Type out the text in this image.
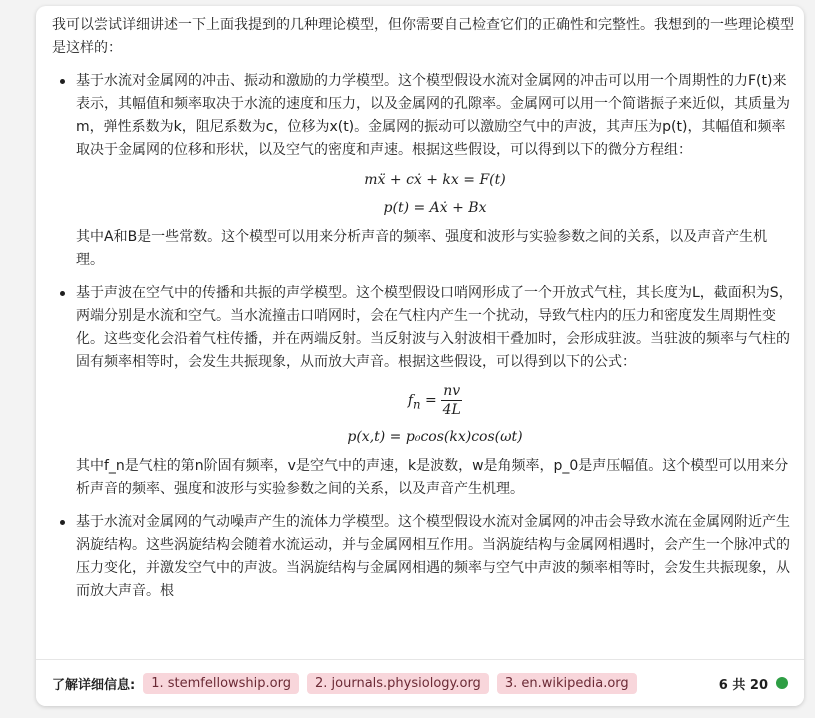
我可以尝试详细讲述一下上面我提到的几种理论模型，但你需要自己检查它们的正确性和完整性。我想到的一些理论模型是这样的：

基于水流对金属网的冲击、振动和激励的力学模型。这个模型假设水流对金属网的冲击可以用一个周期性的力F(t)来表示，其幅值和频率取决于水流的速度和压力，以及金属网的孔隙率。金属网可以用一个简谐振子来近似，其质量为m，弹性系数为k，阻尼系数为c，位移为x(t)。金属网的振动可以激励空气中的声波，其声压为p(t)，其幅值和频率取决于金属网的位移和形状，以及空气的密度和声速。根据这些假设，可以得到以下的微分方程组：

mẍ + cẋ + kx = F(t)
p(t) = Aẋ + Bx

其中A和B是一些常数。这个模型可以用来分析声音的频率、强度和波形与实验参数之间的关系，以及声音产生机理。

基于声波在空气中的传播和共振的声学模型。这个模型假设口哨网形成了一个开放式气柱，其长度为L，截面积为S，两端分别是水流和空气。当水流撞击口哨网时，会在气柱内产生一个扰动，导致气柱内的压力和密度发生周期性变化。这些变化会沿着气柱传播，并在两端反射。当反射波与入射波相干叠加时，会形成驻波。当驻波的频率与气柱的固有频率相等时，会发生共振现象，从而放大声音。根据这些假设，可以得到以下的公式：

$f_n = \frac{nv}{4L}$
p(x,t) = p₀cos(kx)cos(ωt)

其中f_n是气柱的第n阶固有频率，v是空气中的声速，k是波数，w是角频率，p_0是声压幅值。这个模型可以用来分析声音的频率、强度和波形与实验参数之间的关系，以及声音产生机理。

基于水流对金属网的气动噪声产生的流体力学模型。这个模型假设水流对金属网的冲击会导致水流在金属网附近产生涡旋结构。这些涡旋结构会随着水流运动，并与金属网相互作用。当涡旋结构与金属网相遇时，会产生一个脉冲式的压力变化，并激发空气中的声波。当涡旋结构与金属网相遇的频率与空气中声波的频率相等时，会发生共振现象，从而放大声音。根

了解详细信息:	1. stemfellowship.org	2. journals.physiology.org	3. en.wikipedia.org	6 共 20
